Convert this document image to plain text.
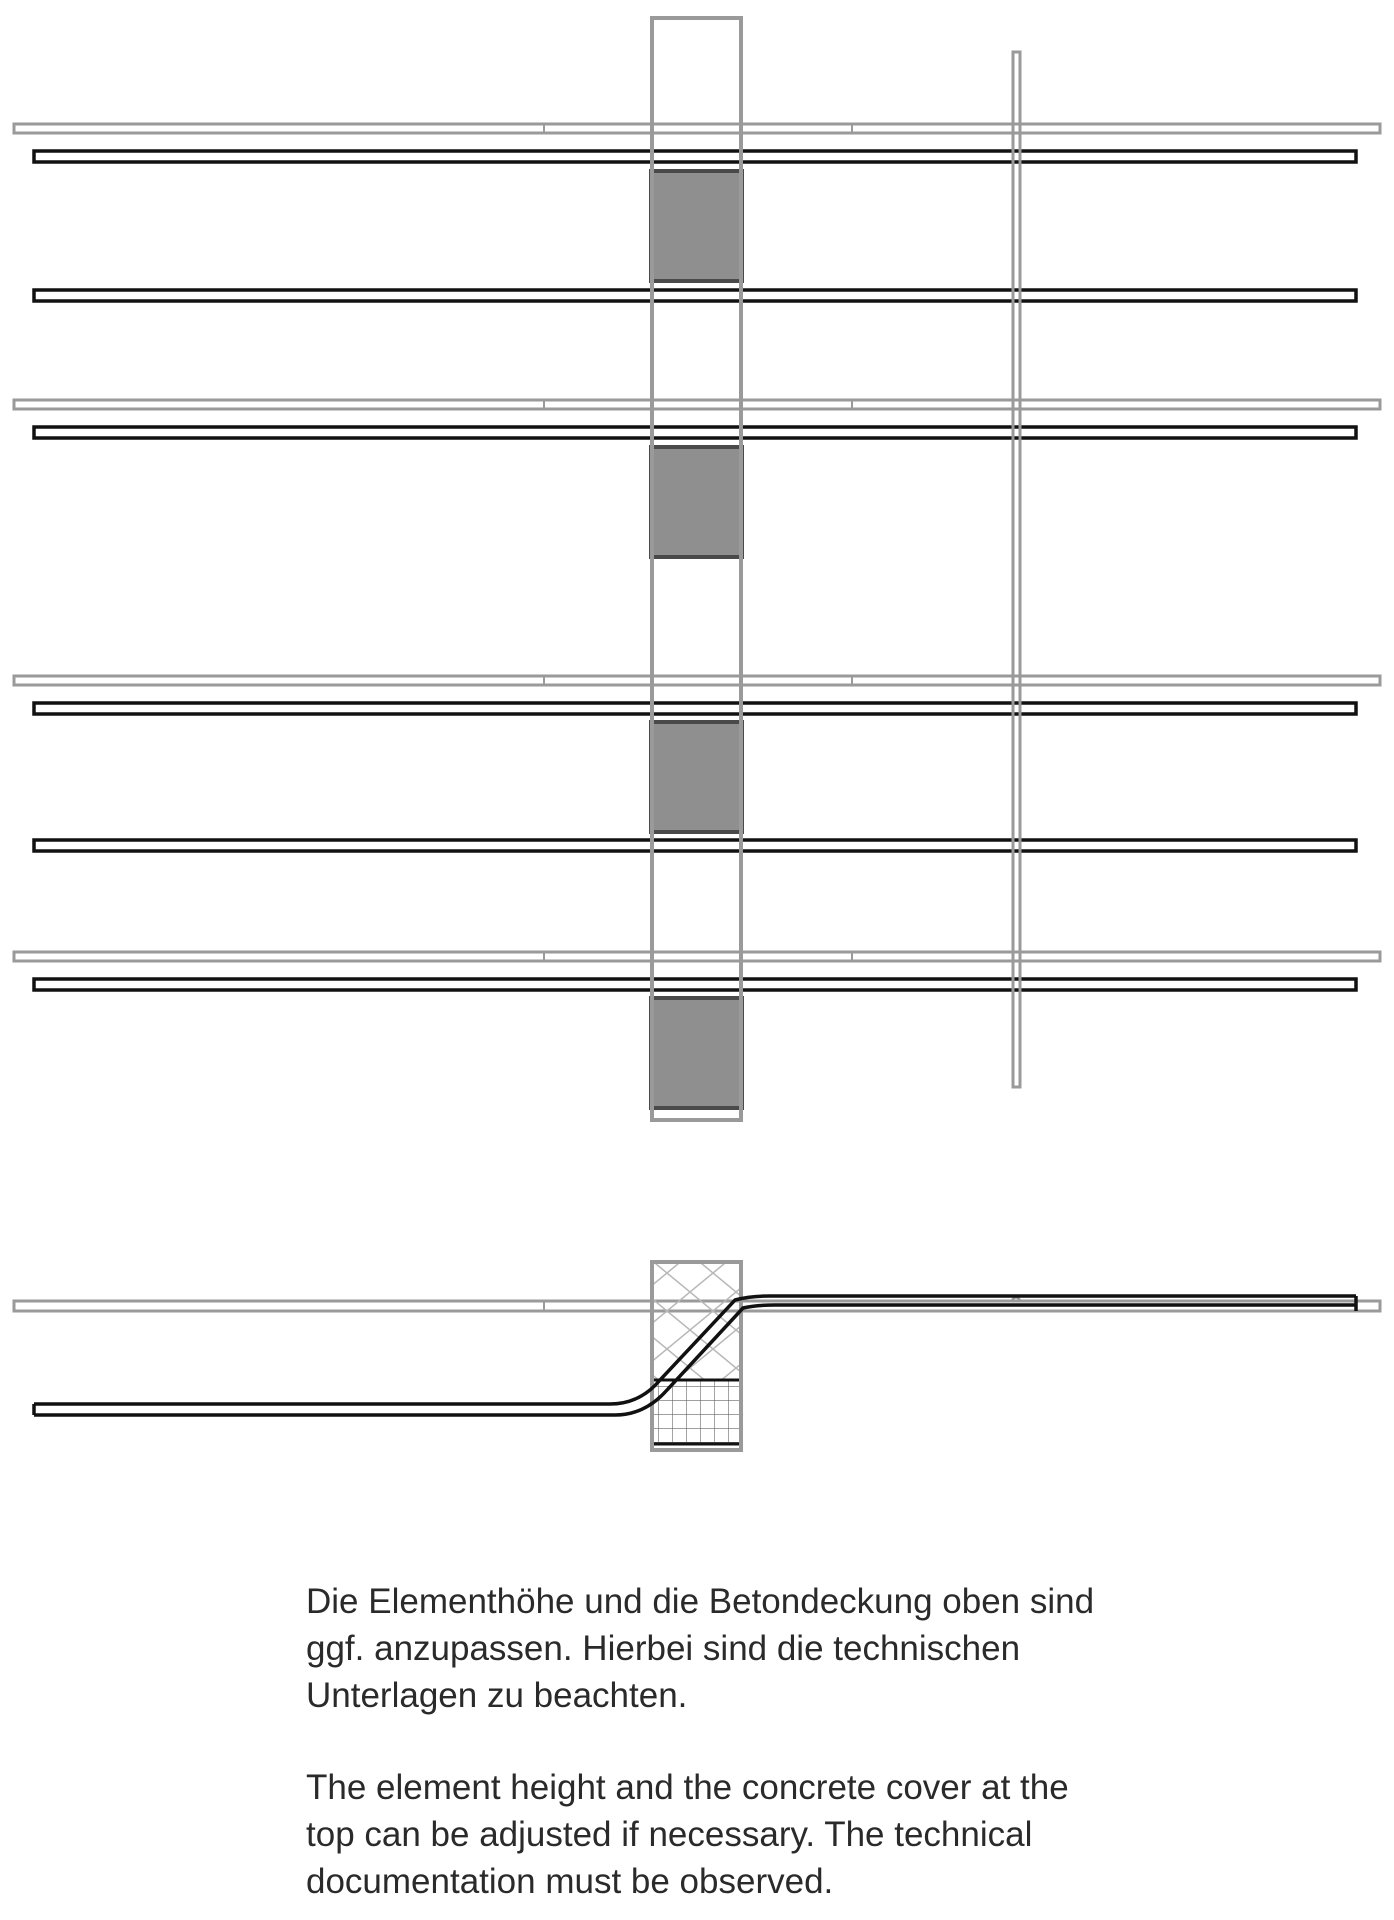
Die Elementhöhe und die Betondeckung oben sind
ggf. anzupassen. Hierbei sind die technischen
Unterlagen zu beachten.

The element height and the concrete cover at the
top can be adjusted if necessary. The technical
documentation must be observed.
